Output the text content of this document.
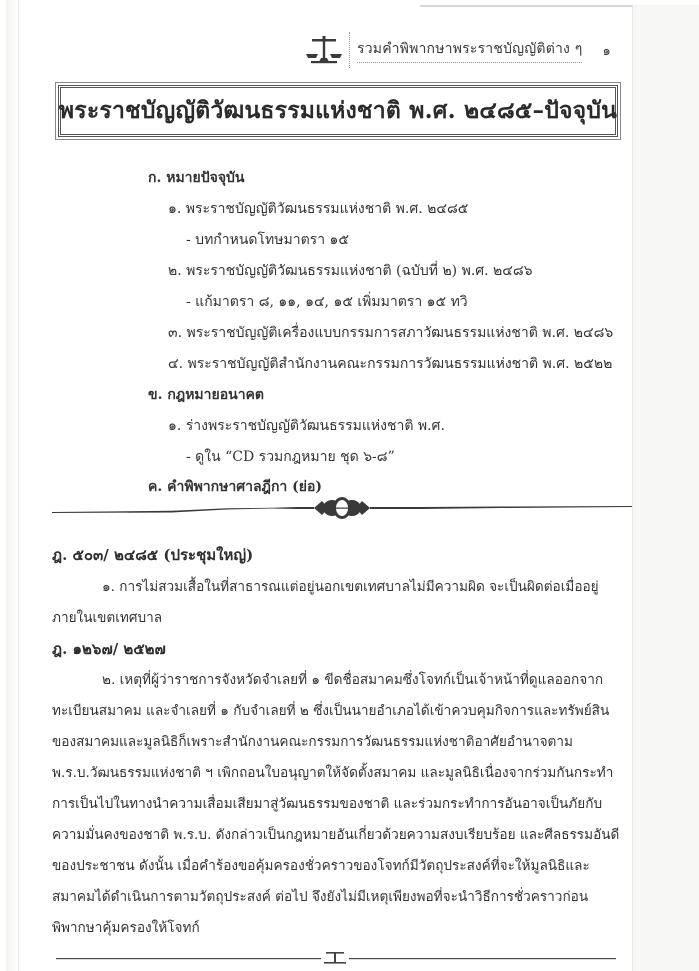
รวมคำพิพากษาพระราชบัญญัติต่าง ๆ ๑
พระราชบัญญัติวัฒนธรรมแห่งชาติ พ.ศ. ๒๔๘๕–ปัจจุบัน
ก. หมายปัจจุบัน
๑. พระราชบัญญัติวัฒนธรรมแห่งชาติ พ.ศ. ๒๔๘๕
- บทกำหนดโทษมาตรา ๑๕
๒. พระราชบัญญัติวัฒนธรรมแห่งชาติ (ฉบับที่ ๒) พ.ศ. ๒๔๘๖
- แก้มาตรา ๘, ๑๑, ๑๔, ๑๕ เพิ่มมาตรา ๑๕ ทวิ
๓. พระราชบัญญัติเครื่องแบบกรรมการสภาวัฒนธรรมแห่งชาติ พ.ศ. ๒๔๘๖
๔. พระราชบัญญัติสำนักงานคณะกรรมการวัฒนธรรมแห่งชาติ พ.ศ. ๒๕๒๒
ข. กฎหมายอนาคต
๑. ร่างพระราชบัญญัติวัฒนธรรมแห่งชาติ พ.ศ.
- ดูใน “CD รวมกฎหมาย ชุด ๖-๘”
ค. คำพิพากษาศาลฎีกา (ย่อ)
ฎ. ๕๐๓/ ๒๔๘๕ (ประชุมใหญ่)
๑. การไม่สวมเสื้อในที่สาธารณแต่อยู่นอกเขตเทศบาลไม่มีความผิด จะเป็นผิดต่อเมื่ออยู่
ภายในเขตเทศบาล
ฎ. ๑๒๖๗/ ๒๕๒๗
๒. เหตุที่ผู้ว่าราชการจังหวัดจำเลยที่ ๑ ขีดชื่อสมาคมซึ่งโจทก์เป็นเจ้าหน้าที่ดูแลออกจาก
ทะเบียนสมาคม และจำเลยที่ ๑ กับจำเลยที่ ๒ ซึ่งเป็นนายอำเภอได้เข้าควบคุมกิจการและทรัพย์สิน
ของสมาคมและมูลนิธิก็เพราะสำนักงานคณะกรรมการวัฒนธรรมแห่งชาติอาศัยอำนาจตาม
พ.ร.บ.วัฒนธรรมแห่งชาติ ฯ เพิกถอนใบอนุญาตให้จัดตั้งสมาคม และมูลนิธิเนื่องจากร่วมกันกระทำ
การเป็นไปในทางนำความเสื่อมเสียมาสู่วัฒนธรรมของชาติ และร่วมกระทำการอันอาจเป็นภัยกับ
ความมั่นคงของชาติ พ.ร.บ. ดังกล่าวเป็นกฎหมายอันเกี่ยวด้วยความสงบเรียบร้อย และศีลธรรมอันดี
ของประชาชน ดังนั้น เมื่อคำร้องขอคุ้มครองชั่วคราวของโจทก์มีวัตถุประสงค์ที่จะให้มูลนิธิและ
สมาคมได้ดำเนินการตามวัตถุประสงค์ ต่อไป จึงยังไม่มีเหตุเพียงพอที่จะนำวิธีการชั่วคราวก่อน
พิพากษาคุ้มครองให้โจทก์
